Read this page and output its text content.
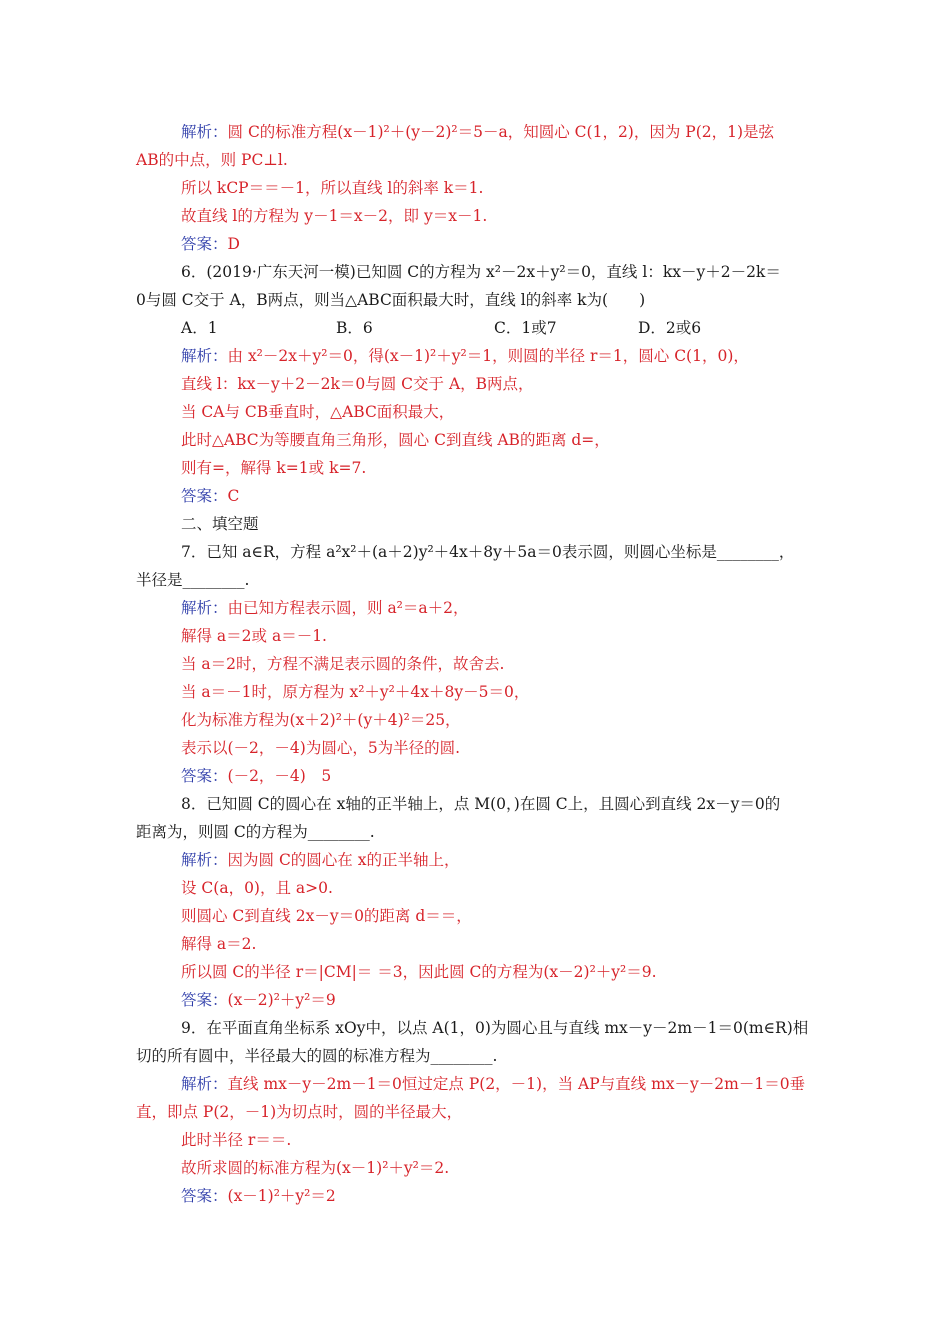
解析：圆 C的标准方程(x－1)²＋(y－2)²＝5－a，知圆心 C(1，2)，因为 P(2，1)是弦
AB的中点，则 PC⊥l.
所以 kCP＝＝－1，所以直线 l的斜率 k＝1.
故直线 l的方程为 y－1＝x－2，即 y＝x－1.
答案：D
6．(2019·广东天河一模)已知圆 C的方程为 x²－2x＋y²＝0，直线 l：kx－y＋2－2k＝
0与圆 C交于 A，B两点，则当△ABC面积最大时，直线 l的斜率 k为(　　)
A．1	B．6	C．1或7	D．2或6
解析：由 x²－2x＋y²＝0，得(x－1)²＋y²＝1，则圆的半径 r＝1，圆心 C(1，0)，
直线 l：kx－y＋2－2k＝0与圆 C交于 A，B两点，
当 CA与 CB垂直时，△ABC面积最大，
此时△ABC为等腰直角三角形，圆心 C到直线 AB的距离 d=，
则有=，解得 k=1或 k=7.
答案：C
二、填空题
7．已知 a∈R，方程 a²x²＋(a＋2)y²＋4x＋8y＋5a＝0表示圆，则圆心坐标是________，
半径是________.
解析：由已知方程表示圆，则 a²＝a＋2，
解得 a＝2或 a＝－1.
当 a＝2时，方程不满足表示圆的条件，故舍去.
当 a＝－1时，原方程为 x²＋y²＋4x＋8y－5＝0，
化为标准方程为(x＋2)²＋(y＋4)²＝25，
表示以(－2，－4)为圆心，5为半径的圆.
答案：(－2，－4)　5
8．已知圆 C的圆心在 x轴的正半轴上，点 M(0，)在圆 C上，且圆心到直线 2x－y＝0的
距离为，则圆 C的方程为________.
解析：因为圆 C的圆心在 x的正半轴上，
设 C(a，0)，且 a>0.
则圆心 C到直线 2x－y＝0的距离 d＝＝，
解得 a＝2.
所以圆 C的半径 r＝|CM|＝ ＝3，因此圆 C的方程为(x－2)²＋y²＝9.
答案：(x－2)²＋y²＝9
9．在平面直角坐标系 xOy中，以点 A(1，0)为圆心且与直线 mx－y－2m－1＝0(m∈R)相
切的所有圆中，半径最大的圆的标准方程为________.
解析：直线 mx－y－2m－1＝0恒过定点 P(2，－1)，当 AP与直线 mx－y－2m－1＝0垂
直，即点 P(2，－1)为切点时，圆的半径最大，
此时半径 r＝＝.
故所求圆的标准方程为(x－1)²＋y²＝2.
答案：(x－1)²＋y²＝2
